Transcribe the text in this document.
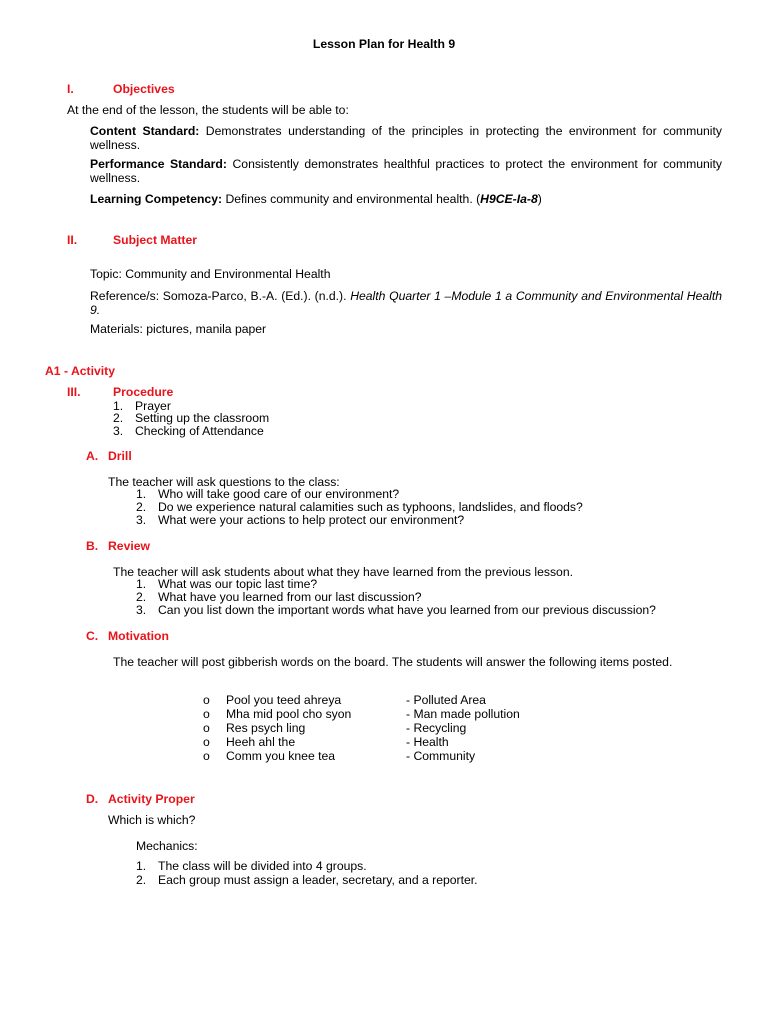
Lesson Plan for Health 9
I.	Objectives
At the end of the lesson, the students will be able to:
Content Standard: Demonstrates understanding of the principles in protecting the environment for community wellness.
Performance Standard: Consistently demonstrates healthful practices to protect the environment for community wellness.
Learning Competency: Defines community and environmental health. (H9CE-Ia-8)
II.	Subject Matter
Topic: Community and Environmental Health
Reference/s: Somoza-Parco, B.-A. (Ed.). (n.d.). Health Quarter 1 –Module 1 a Community and Environmental Health 9.
Materials: pictures, manila paper
A1 - Activity
III.	Procedure
1. Prayer
2. Setting up the classroom
3. Checking of Attendance
A. Drill
The teacher will ask questions to the class:
1. Who will take good care of our environment?
2. Do we experience natural calamities such as typhoons, landslides, and floods?
3. What were your actions to help protect our environment?
B. Review
The teacher will ask students about what they have learned from the previous lesson.
1. What was our topic last time?
2. What have you learned from our last discussion?
3. Can you list down the important words what have you learned from our previous discussion?
C. Motivation
The teacher will post gibberish words on the board. The students will answer the following items posted.
o Pool you teed ahreya	- Polluted Area
o Mha mid pool cho syon	- Man made pollution
o Res psych ling	- Recycling
o Heeh ahl the	- Health
o Comm you knee tea	- Community
D. Activity Proper
Which is which?
Mechanics:
1. The class will be divided into 4 groups.
2. Each group must assign a leader, secretary, and a reporter.
